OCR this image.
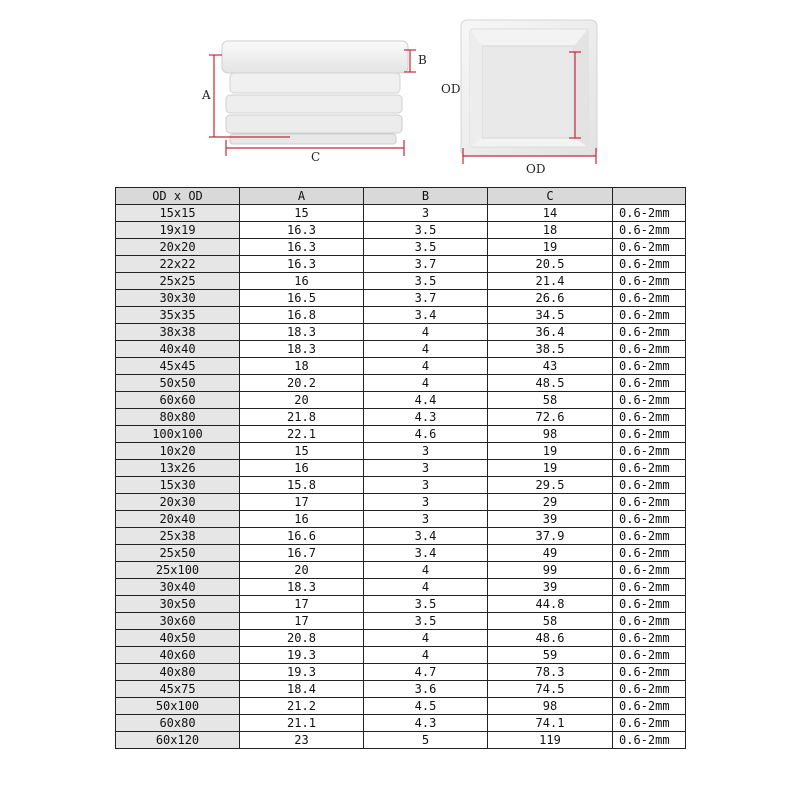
A
B
C
OD
OD
OD x OD	A	B	C	
15x15	15	3	14	0.6-2mm
19x19	16.3	3.5	18	0.6-2mm
20x20	16.3	3.5	19	0.6-2mm
22x22	16.3	3.7	20.5	0.6-2mm
25x25	16	3.5	21.4	0.6-2mm
30x30	16.5	3.7	26.6	0.6-2mm
35x35	16.8	3.4	34.5	0.6-2mm
38x38	18.3	4	36.4	0.6-2mm
40x40	18.3	4	38.5	0.6-2mm
45x45	18	4	43	0.6-2mm
50x50	20.2	4	48.5	0.6-2mm
60x60	20	4.4	58	0.6-2mm
80x80	21.8	4.3	72.6	0.6-2mm
100x100	22.1	4.6	98	0.6-2mm
10x20	15	3	19	0.6-2mm
13x26	16	3	19	0.6-2mm
15x30	15.8	3	29.5	0.6-2mm
20x30	17	3	29	0.6-2mm
20x40	16	3	39	0.6-2mm
25x38	16.6	3.4	37.9	0.6-2mm
25x50	16.7	3.4	49	0.6-2mm
25x100	20	4	99	0.6-2mm
30x40	18.3	4	39	0.6-2mm
30x50	17	3.5	44.8	0.6-2mm
30x60	17	3.5	58	0.6-2mm
40x50	20.8	4	48.6	0.6-2mm
40x60	19.3	4	59	0.6-2mm
40x80	19.3	4.7	78.3	0.6-2mm
45x75	18.4	3.6	74.5	0.6-2mm
50x100	21.2	4.5	98	0.6-2mm
60x80	21.1	4.3	74.1	0.6-2mm
60x120	23	5	119	0.6-2mm
